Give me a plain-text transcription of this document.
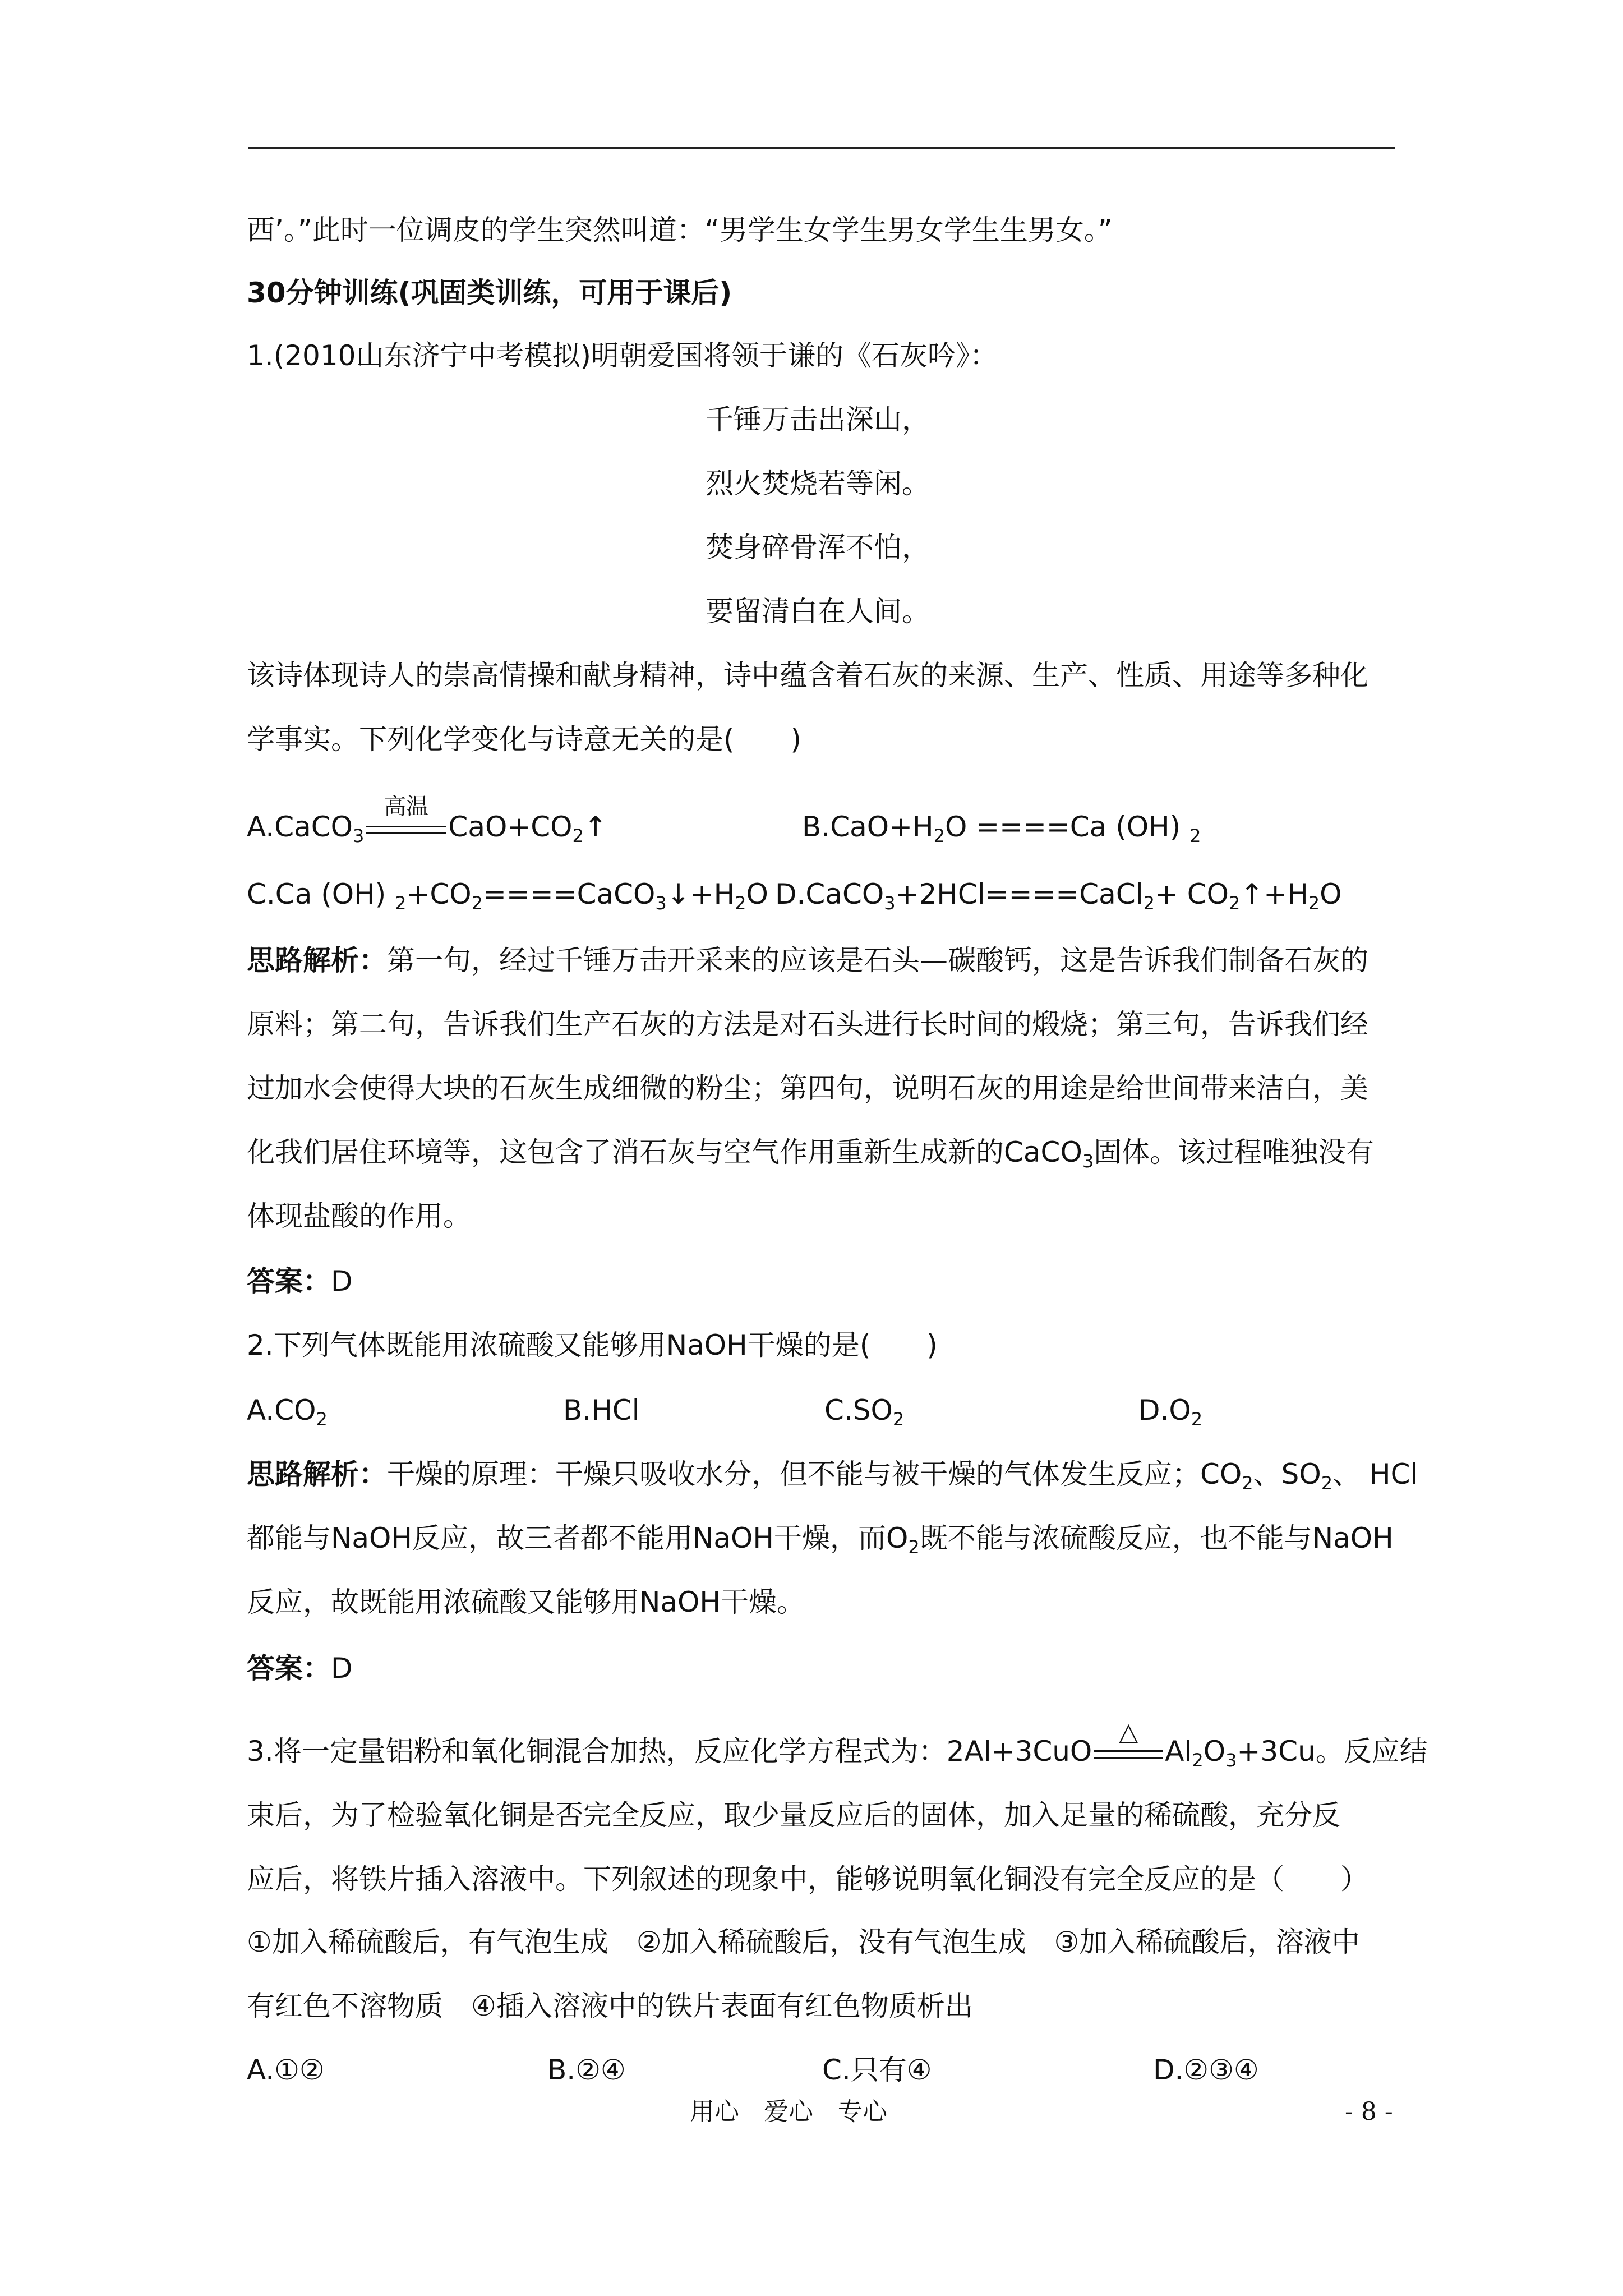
西’。”此时一位调皮的学生突然叫道：“男学生女学生男女学生生男女。”
30分钟训练(巩固类训练，可用于课后)
1.(2010山东济宁中考模拟)明朝爱国将领于谦的《石灰吟》：
千锤万击出深山，
烈火焚烧若等闲。
焚身碎骨浑不怕，
要留清白在人间。
该诗体现诗人的崇高情操和献身精神，诗中蕴含着石灰的来源、生产、性质、用途等多种化
学事实。下列化学变化与诗意无关的是(　　)
A.CaCO$_3$
高温
$CaO+CO_2↑$	$B.CaO+H_2O ====Ca$ (OH) $_2$
C.Ca (OH) $_2+CO_2====CaCO_3↓+H_2O$ D.CaCO$_3$+2HCl====CaCl$_2$+ $CO_2↑+H_2O$
思路解析：第一句，经过千锤万击开采来的应该是石头—碳酸钙，这是告诉我们制备石灰的
原料；第二句，告诉我们生产石灰的方法是对石头进行长时间的煅烧；第三句，告诉我们经
过加水会使得大块的石灰生成细微的粉尘；第四句，说明石灰的用途是给世间带来洁白，美
化我们居住环境等，这包含了消石灰与空气作用重新生成新的CaCO$_3$固体。该过程唯独没有
体现盐酸的作用。
答案：D
2.下列气体既能用浓硫酸又能够用NaOH干燥的是(　　)
$A.CO_2$	B.HCl	$C.SO_2$	$D.O_2$
思路解析：干燥的原理：干燥只吸收水分，但不能与被干燥的气体发生反应；$CO_2$、$SO_2$、 HCl
都能与NaOH反应，故三者都不能用NaOH干燥，而$O_2$既不能与浓硫酸反应，也不能与NaOH
反应，故既能用浓硫酸又能够用NaOH干燥。
答案：D
3.将一定量铝粉和氧化铜混合加热，反应化学方程式为：2Al+3CuO
△
$Al_2O_3+3Cu$。反应结
束后，为了检验氧化铜是否完全反应，取少量反应后的固体，加入足量的稀硫酸，充分反
应后，将铁片插入溶液中。下列叙述的现象中，能够说明氧化铜没有完全反应的是（　　）
①加入稀硫酸后，有气泡生成　②加入稀硫酸后，没有气泡生成　③加入稀硫酸后，溶液中
有红色不溶物质　④插入溶液中的铁片表面有红色物质析出
A.①②	B.②④	C.只有④	D.②③④
用心　爱心　专心	- 8 -
